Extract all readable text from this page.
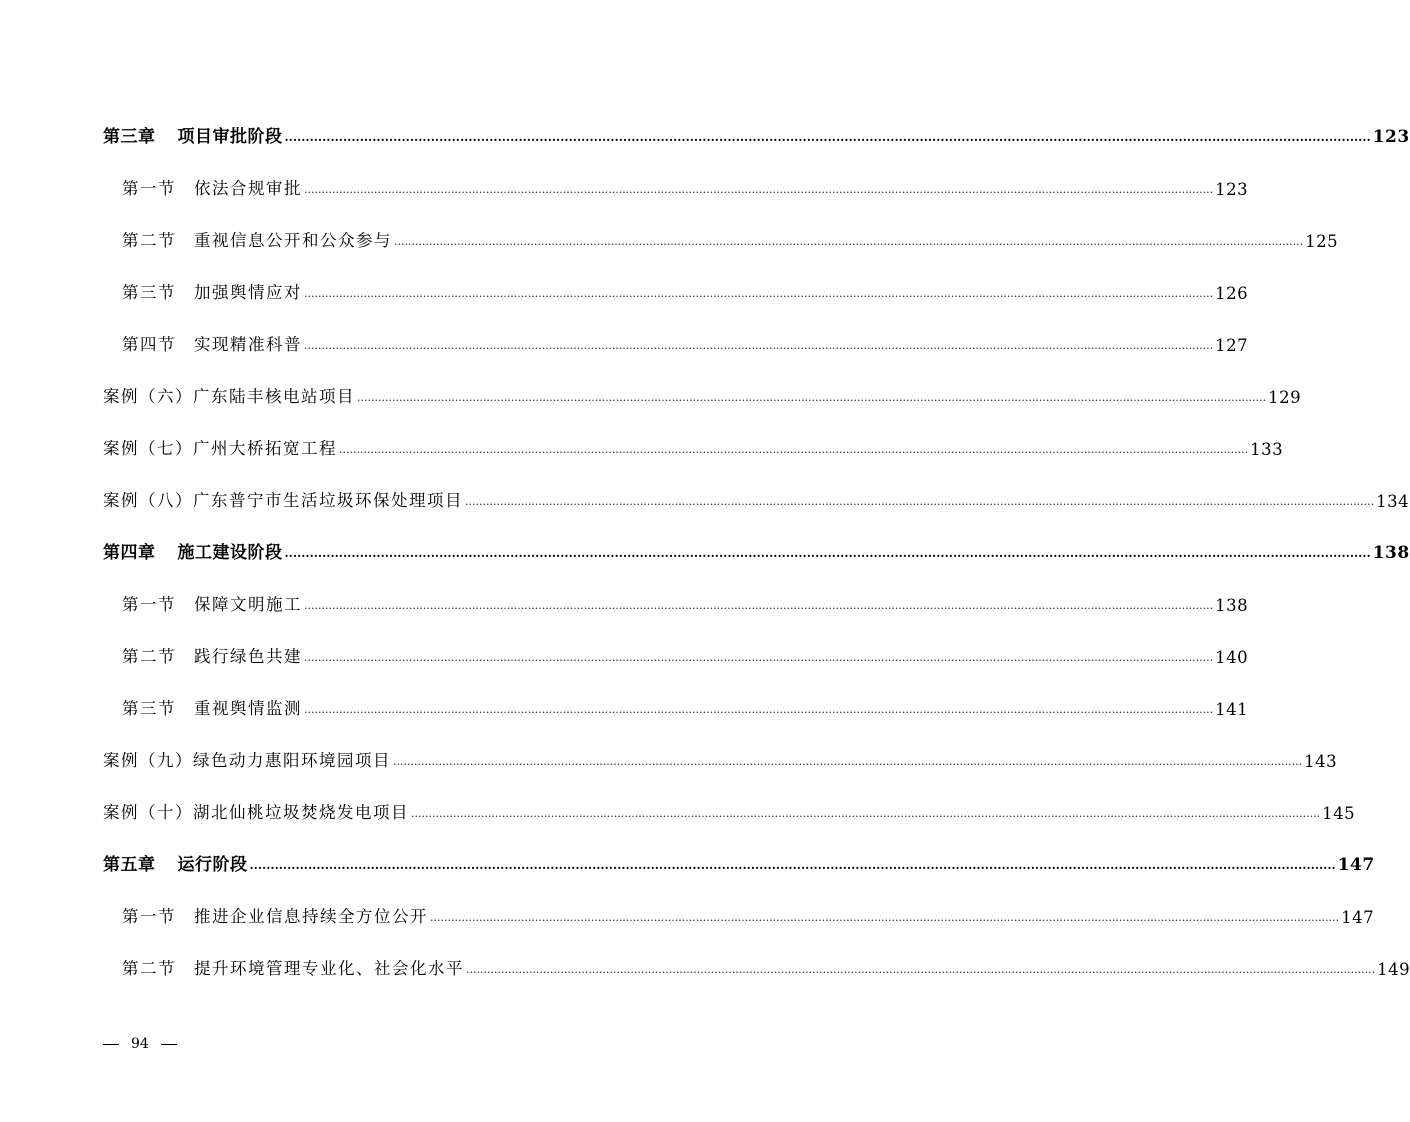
第三章 项目审批阶段 .................................................................................................................................................................................................................................................................... 123
第一节 依法合规审批 .................................................................................................................................................................................................................................................................... 123
第二节 重视信息公开和公众参与 .................................................................................................................................................................................................................................................................... 125
第三节 加强舆情应对 .................................................................................................................................................................................................................................................................... 126
第四节 实现精准科普 .................................................................................................................................................................................................................................................................... 127
案例（六）广东陆丰核电站项目 .................................................................................................................................................................................................................................................................... 129
案例（七）广州大桥拓宽工程 .................................................................................................................................................................................................................................................................... 133
案例（八）广东普宁市生活垃圾环保处理项目 .................................................................................................................................................................................................................................................................... 134
第四章 施工建设阶段 .................................................................................................................................................................................................................................................................... 138
第一节 保障文明施工 .................................................................................................................................................................................................................................................................... 138
第二节 践行绿色共建 .................................................................................................................................................................................................................................................................... 140
第三节 重视舆情监测 .................................................................................................................................................................................................................................................................... 141
案例（九）绿色动力惠阳环境园项目 .................................................................................................................................................................................................................................................................... 143
案例（十）湖北仙桃垃圾焚烧发电项目 .................................................................................................................................................................................................................................................................... 145
第五章 运行阶段 .................................................................................................................................................................................................................................................................... 147
第一节 推进企业信息持续全方位公开 .................................................................................................................................................................................................................................................................... 147
第二节 提升环境管理专业化、社会化水平 .................................................................................................................................................................................................................................................................... 149
94
